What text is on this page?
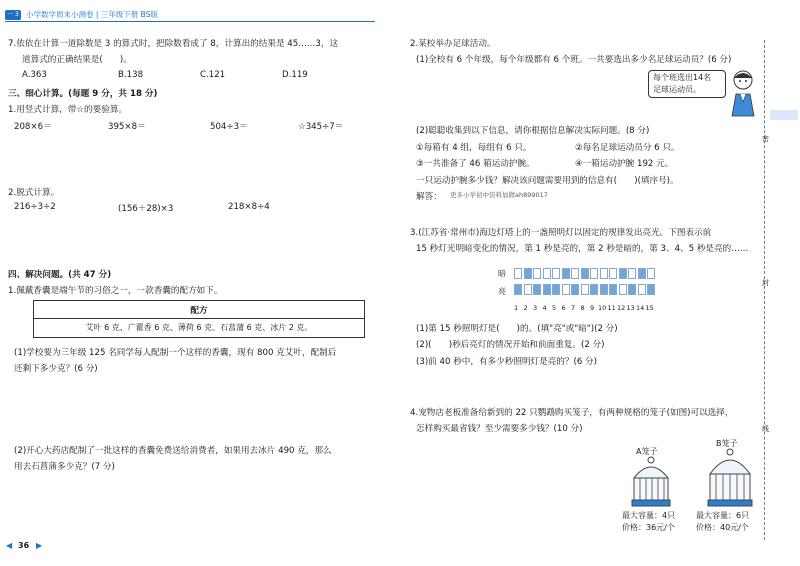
一 3 小学数学周末小测卷 | 三年级下册 BS版
7.依依在计算一道除数是 3 的算式时，把除数看成了 8，计算出的结果是 45……3，这
道算式的正确结果是(　　)。
A.363	B.138	C.121	D.119
三、细心计算。(每题 9 分，共 18 分)
1.用竖式计算，带☆的要验算。
208×6＝	395×8＝	504÷3＝	☆345÷7＝
2.脱式计算。
216÷3÷2	(156＋28)×3	218×8÷4
四、解决问题。(共 47 分)
1.佩戴香囊是端午节的习俗之一，一款香囊的配方如下。
配方
艾叶 6 克、广藿香 6 克、薄荷 6 克、石菖蒲 6 克、冰片 2 克。
(1)学校要为三年级 125 名同学每人配制一个这样的香囊，现有 800 克艾叶，配制后
还剩下多少克？(6 分)
(2)开心大药店配制了一批这样的香囊免费送给消费者，如果用去冰片 490 克，那么
用去石菖蒲多少克？(7 分)
◀ 36 ▶
2.某校举办足球活动。
(1)全校有 6 个年级，每个年级都有 6 个班。一共要选出多少名足球运动员？(6 分)
每个班选出14名
足球运动员。
(2)聪聪收集到以下信息，请你根据信息解决实际问题。(8 分)
①每箱有 4 组，每组有 6 只。	②每名足球运动员分 6 只。
③一共准备了 46 箱运动护腕。	④一箱运动护腕 192 元。
一只运动护腕多少钱？解决该问题需要用到的信息有(　　)(填序号)。
解答： 更多小学初中资料加微ah899017
3.(江苏省·常州市)海边灯塔上的一盏照明灯以固定的规律发出亮光。下图表示前
15 秒灯光明暗变化的情况，第 1 秒是亮的，第 2 秒是暗的，第 3、4、5 秒是亮的……
暗
亮
1 2 3 4 5 6 7 8 9 10 11 12 13 14 15
(1)第 15 秒照明灯是(　　)的。(填"亮"或"暗")(2 分)
(2)(　　)秒后亮灯的情况开始和前面重复。(2 分)
(3)前 40 秒中，有多少秒照明灯是亮的？(6 分)
4.宠物店老板准备给新到的 22 只鹦鹉购买笼子，有两种规格的笼子(如图)可以选择，
怎样购买最省钱？至少需要多少钱？(10 分)
A笼子
最大容量：4只
价格：36元/个
B笼子
最大容量：6只
价格：40元/个
密
封
线
